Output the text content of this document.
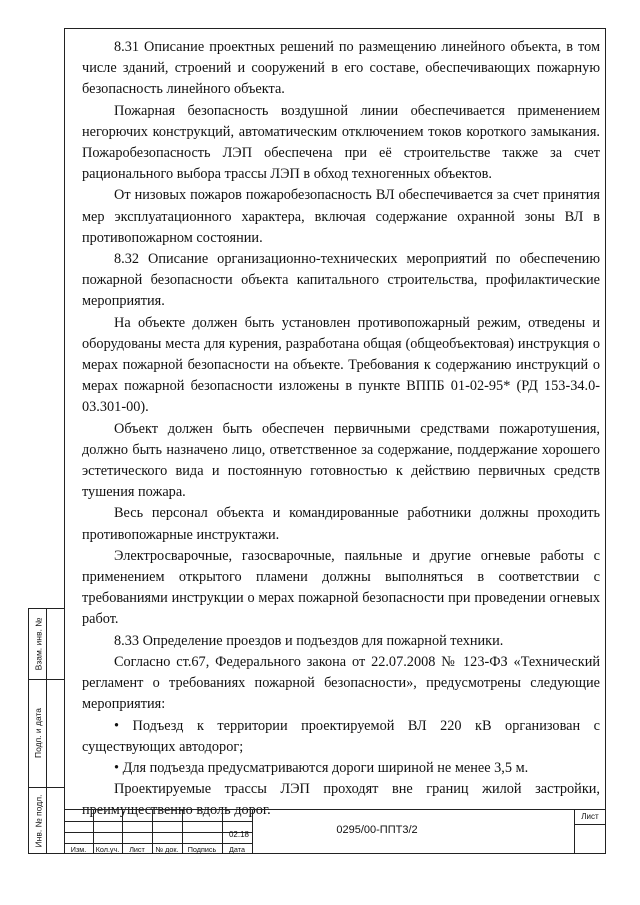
8.31 Описание проектных решений по размещению линейного объекта, в том числе зданий, строений и сооружений в его составе, обеспечивающих пожарную безопасность линейного объекта.

Пожарная безопасность воздушной линии обеспечивается применением негорючих конструкций, автоматическим отключением токов короткого замыкания. Пожаробезопасность ЛЭП обеспечена при её строительстве также за счет рационального выбора трассы ЛЭП в обход техногенных объектов.

От низовых пожаров пожаробезопасность ВЛ обеспечивается за счет принятия мер эксплуатационного характера, включая содержание охранной зоны ВЛ в противопожарном состоянии.

8.32 Описание организационно-технических мероприятий по обеспечению пожарной безопасности объекта капитального строительства, профилактические мероприятия.

На объекте должен быть установлен противопожарный режим, отведены и оборудованы места для курения, разработана общая (общеобъектовая) инструкция о мерах пожарной безопасности на объекте. Требования к содержанию инструкций о мерах пожарной безопасности изложены в пункте ВППБ 01-02-95* (РД 153-34.0-03.301-00).

Объект должен быть обеспечен первичными средствами пожаротушения, должно быть назначено лицо, ответственное за содержание, поддержание хорошего эстетического вида и постоянную готовностью к действию первичных средств тушения пожара.

Весь персонал объекта и командированные работники должны проходить противопожарные инструктажи.

Электросварочные, газосварочные, паяльные и другие огневые работы с применением открытого пламени должны выполняться в соответствии с требованиями инструкции о мерах пожарной безопасности при проведении огневых работ.

8.33 Определение проездов и подъездов для пожарной техники.

Согласно ст.67, Федерального закона от 22.07.2008 № 123-ФЗ «Технический регламент о требованиях пожарной безопасности», предусмотрены следующие мероприятия:

• Подъезд к территории проектируемой ВЛ 220 кВ организован с существующих автодорог;

• Для подъезда предусматриваются дороги шириной не менее 3,5 м.

Проектируемые трассы ЛЭП проходят вне границ жилой застройки, преимущественно вдоль дорог.

Взам. инв. №
Подп. и дата
Инв. № подл.	02.18	0295/00-ППТ3/2
Лист
Изм.	Кол.уч.	Лист	№ док.	Подпись	Дата
